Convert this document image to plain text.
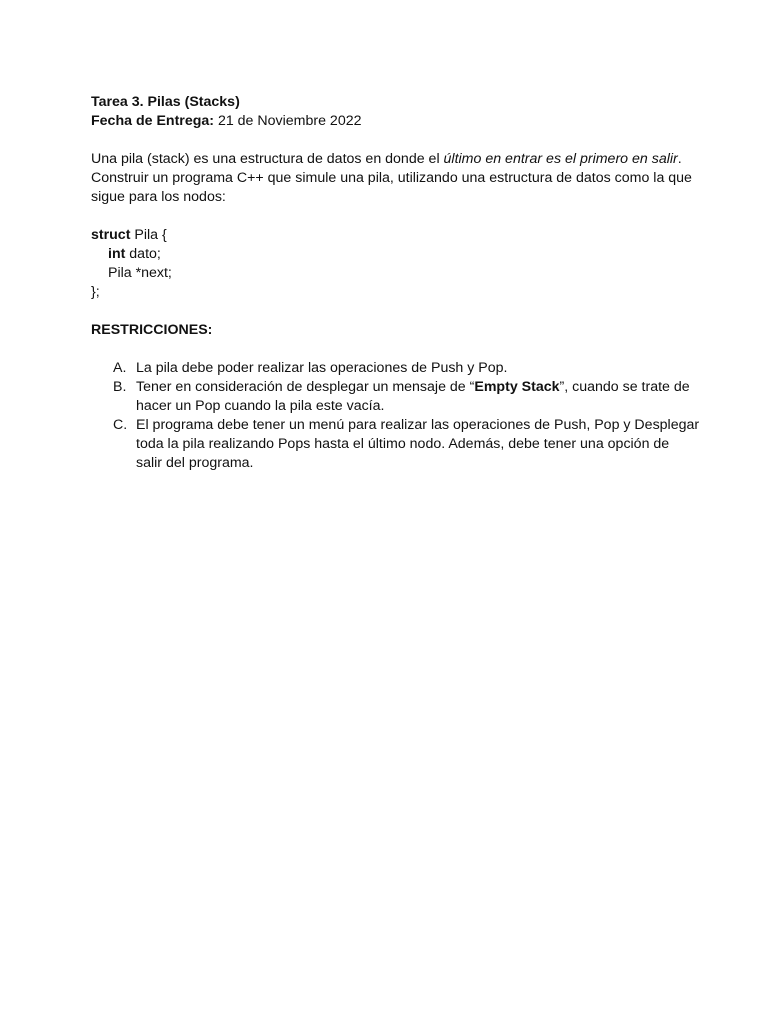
Tarea 3. Pilas (Stacks)
Fecha de Entrega: 21 de Noviembre 2022
Una pila (stack) es una estructura de datos en donde el último en entrar es el primero en salir.
Construir un programa C++ que simule una pila, utilizando una estructura de datos como la que
sigue para los nodos:
struct Pila {
int dato;
Pila *next;
};
RESTRICCIONES:
A. La pila debe poder realizar las operaciones de Push y Pop.
B. Tener en consideración de desplegar un mensaje de “Empty Stack”, cuando se trate de
hacer un Pop cuando la pila este vacía.
C. El programa debe tener un menú para realizar las operaciones de Push, Pop y Desplegar
toda la pila realizando Pops hasta el último nodo. Además, debe tener una opción de
salir del programa.
